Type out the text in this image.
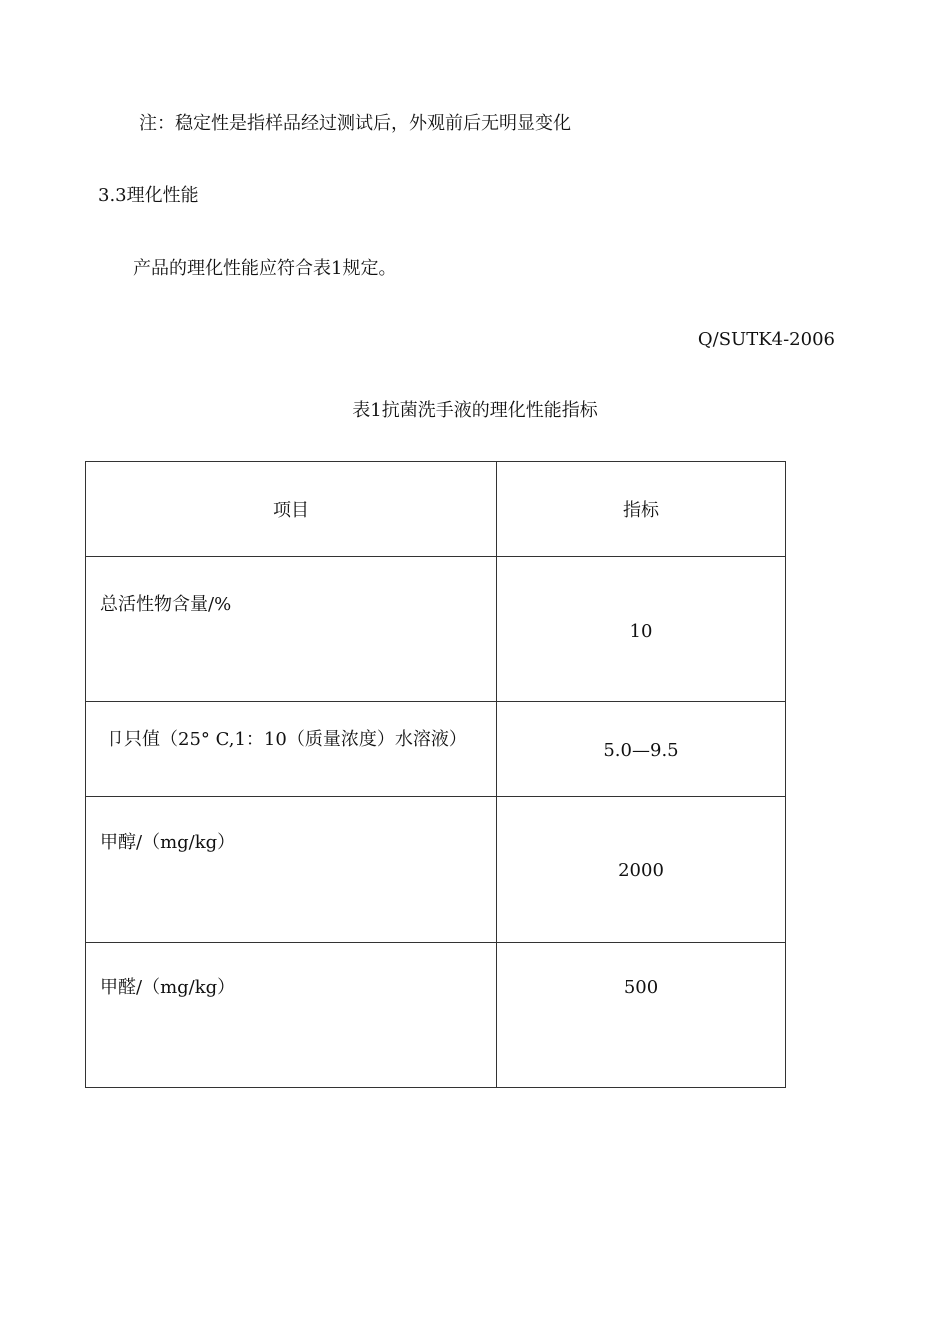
注：稳定性是指样品经过测试后，外观前后无明显变化
3.3理化性能
产品的理化性能应符合表1规定。
Q/SUTK4-2006
表1抗菌洗手液的理化性能指标
项目	指标

总活性物含量/%	10

卩只值（25° C,1：10（质量浓度）水溶液）	5.0—9.5

甲醇/（mg/kg）	2000

甲醛/（mg/kg）	500
